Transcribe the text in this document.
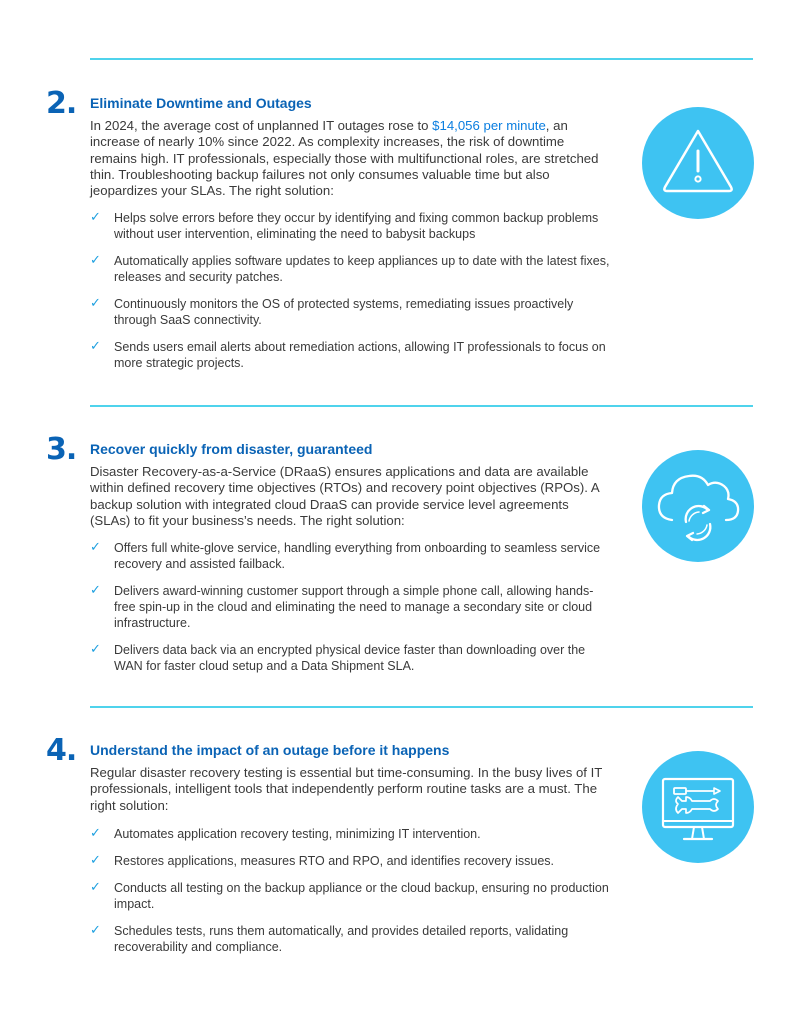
2. Eliminate Downtime and Outages

In 2024, the average cost of unplanned IT outages rose to $14,056 per minute, an increase of nearly 10% since 2022. As complexity increases, the risk of downtime remains high. IT professionals, especially those with multifunctional roles, are stretched thin. Troubleshooting backup failures not only consumes valuable time but also jeopardizes your SLAs. The right solution:

✓ Helps solve errors before they occur by identifying and fixing common backup problems without user intervention, eliminating the need to babysit backups
✓ Automatically applies software updates to keep appliances up to date with the latest fixes, releases and security patches.
✓ Continuously monitors the OS of protected systems, remediating issues proactively through SaaS connectivity.
✓ Sends users email alerts about remediation actions, allowing IT professionals to focus on more strategic projects.
3. Recover quickly from disaster, guaranteed

Disaster Recovery-as-a-Service (DRaaS) ensures applications and data are available within defined recovery time objectives (RTOs) and recovery point objectives (RPOs). A backup solution with integrated cloud DraaS can provide service level agreements (SLAs) to fit your business’s needs. The right solution:

✓ Offers full white-glove service, handling everything from onboarding to seamless service recovery and assisted failback.
✓ Delivers award-winning customer support through a simple phone call, allowing hands-free spin-up in the cloud and eliminating the need to manage a secondary site or cloud infrastructure.
✓ Delivers data back via an encrypted physical device faster than downloading over the WAN for faster cloud setup and a Data Shipment SLA.
4. Understand the impact of an outage before it happens

Regular disaster recovery testing is essential but time-consuming. In the busy lives of IT professionals, intelligent tools that independently perform routine tasks are a must. The right solution:

✓ Automates application recovery testing, minimizing IT intervention.
✓ Restores applications, measures RTO and RPO, and identifies recovery issues.
✓ Conducts all testing on the backup appliance or the cloud backup, ensuring no production impact.
✓ Schedules tests, runs them automatically, and provides detailed reports, validating recoverability and compliance.
